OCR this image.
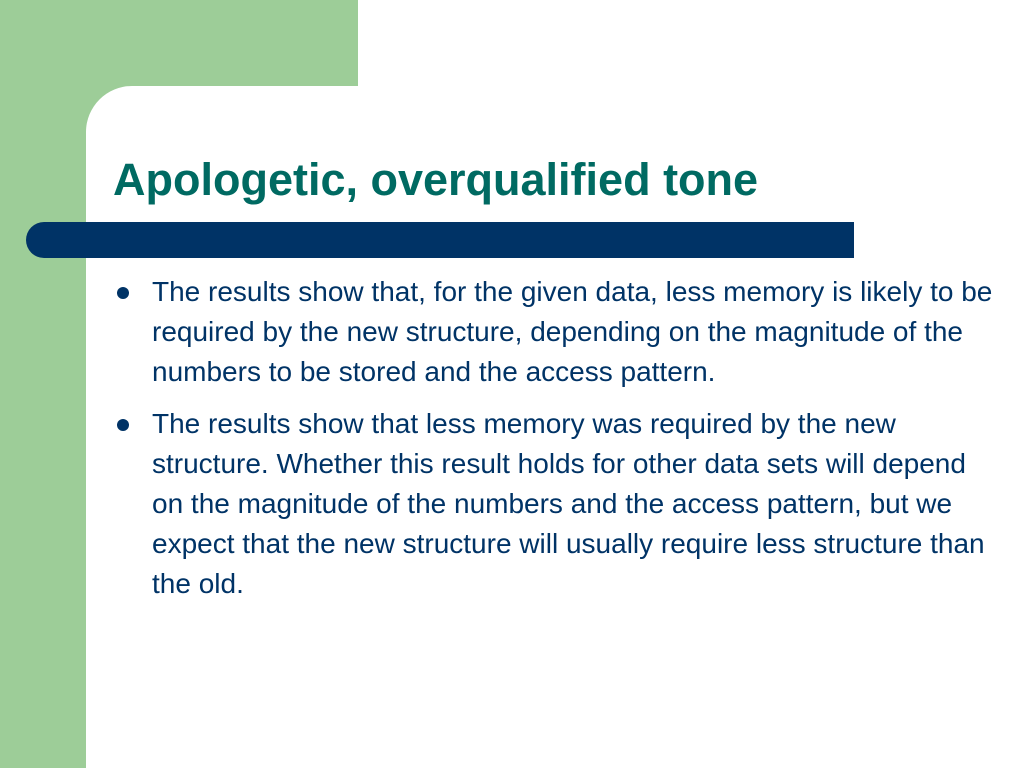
Apologetic, overqualified tone
The results show that, for the given data, less memory is likely to be required by the new structure, depending on the magnitude of the numbers to be stored and the access pattern.
The results show that less memory was required by the new structure. Whether this result holds for other data sets will depend on the magnitude of the numbers and the access pattern, but we expect that the new structure will usually require less structure than the old.
